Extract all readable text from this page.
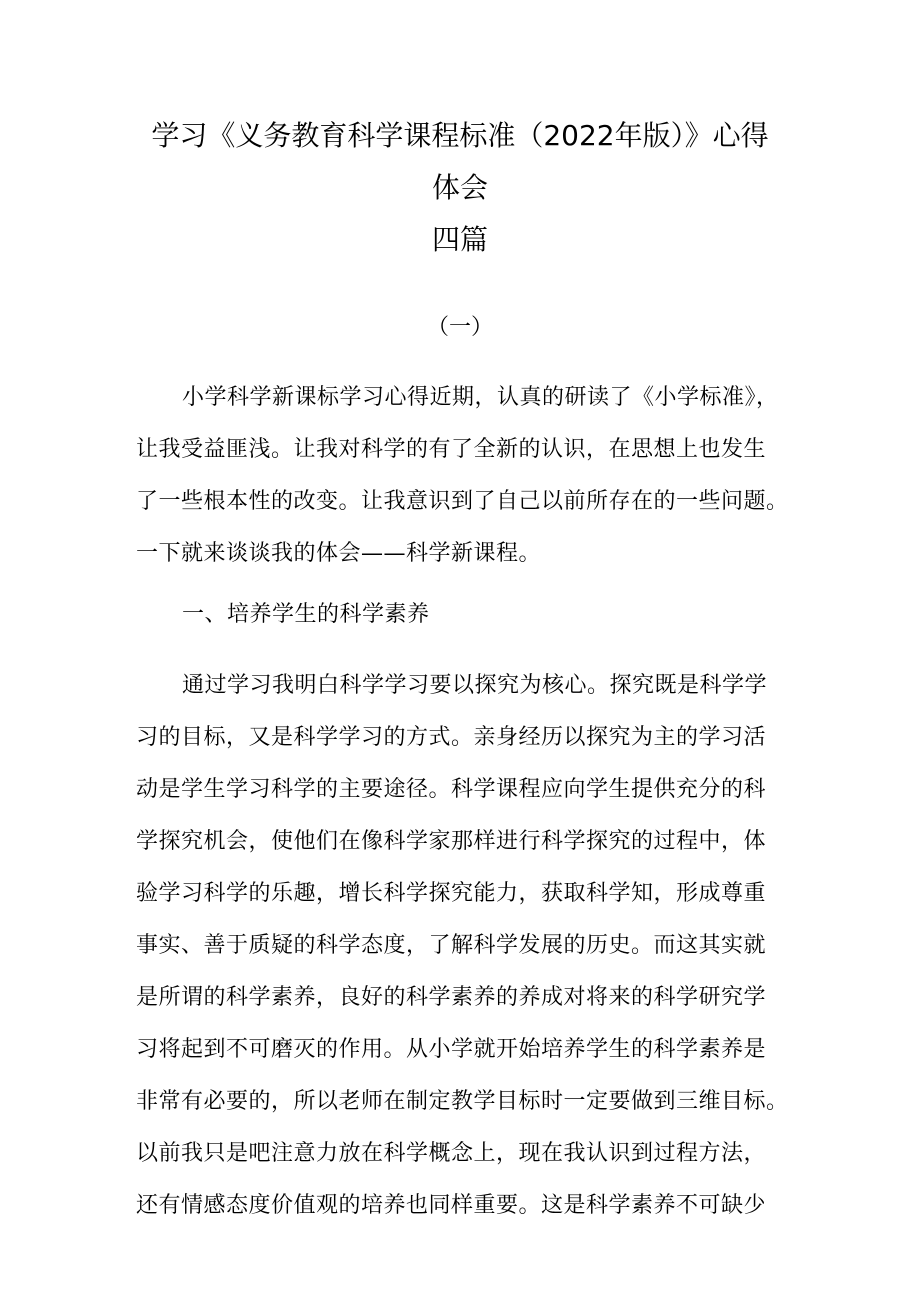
学习《义务教育科学课程标准（2022年版）》心得
体会
四篇
（一）
小学科学新课标学习心得近期，认真的研读了《小学标准》，
让我受益匪浅。让我对科学的有了全新的认识，在思想上也发生
了一些根本性的改变。让我意识到了自己以前所存在的一些问题。
一下就来谈谈我的体会——科学新课程。
一、培养学生的科学素养
通过学习我明白科学学习要以探究为核心。探究既是科学学
习的目标，又是科学学习的方式。亲身经历以探究为主的学习活
动是学生学习科学的主要途径。科学课程应向学生提供充分的科
学探究机会，使他们在像科学家那样进行科学探究的过程中，体
验学习科学的乐趣，增长科学探究能力，获取科学知，形成尊重
事实、善于质疑的科学态度，了解科学发展的历史。而这其实就
是所谓的科学素养，良好的科学素养的养成对将来的科学研究学
习将起到不可磨灭的作用。从小学就开始培养学生的科学素养是
非常有必要的，所以老师在制定教学目标时一定要做到三维目标。
以前我只是吧注意力放在科学概念上，现在我认识到过程方法，
还有情感态度价值观的培养也同样重要。这是科学素养不可缺少
